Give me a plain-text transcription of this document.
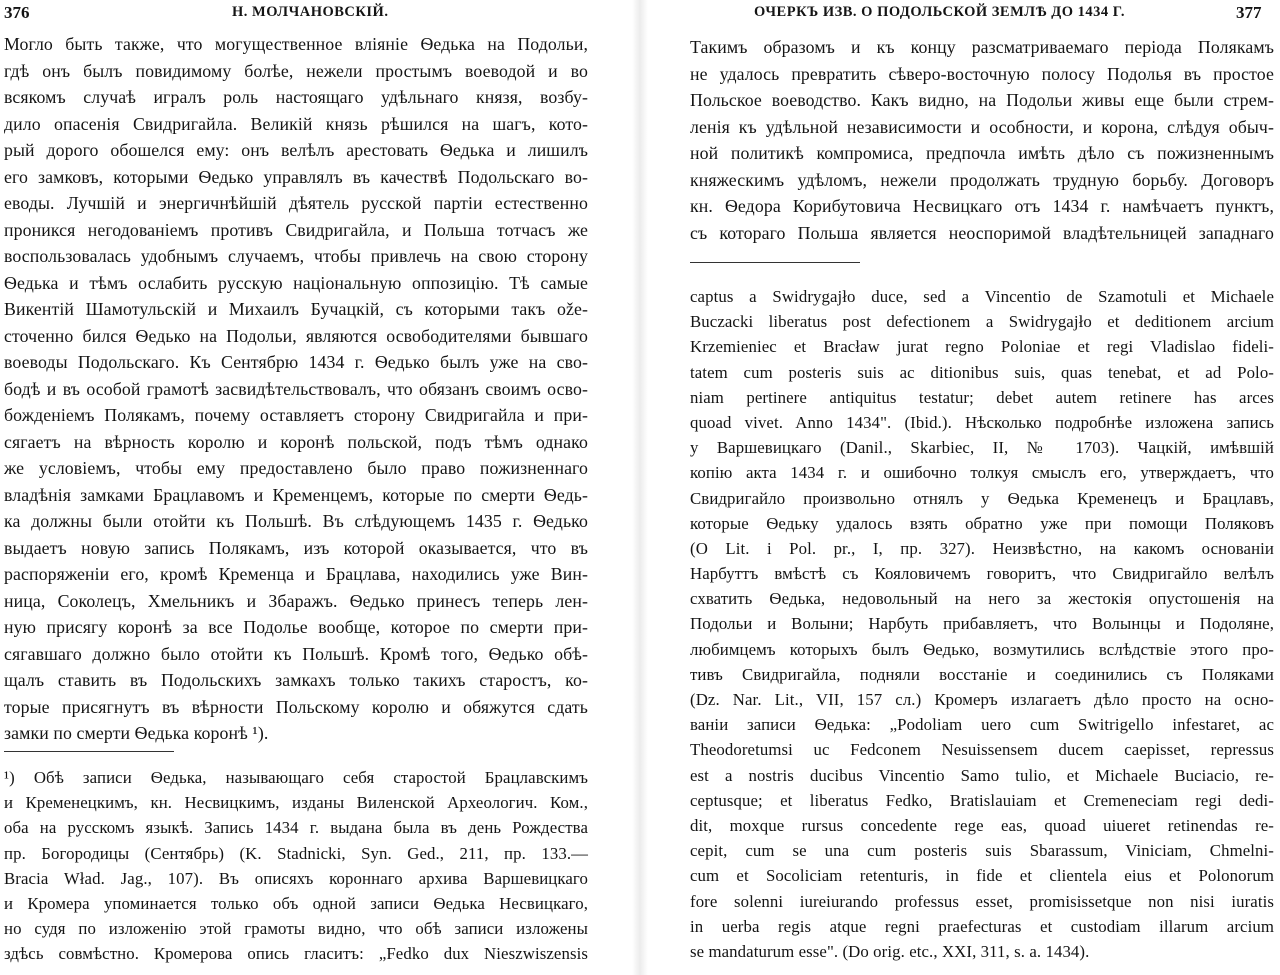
376	Н. МОЛЧАНОВСКІЙ.
Могло быть также, что могущественное вліяніе Ѳедька на Подольи,
гдѣ онъ былъ повидимому болѣе, нежели простымъ воеводой и во
всякомъ случаѣ игралъ роль настоящаго удѣльнаго князя, возбу-
дило опасенія Свидригайла. Великій князь рѣшился на шагъ, кото-
рый дорого обошелся ему: онъ велѣлъ арестовать Ѳедька и лишилъ
его замковъ, которыми Ѳедько управлялъ въ качествѣ Подольскаго во-
еводы. Лучшій и энергичнѣйшій дѣятель русской партіи естественно
проникся негодованіемъ противъ Свидригайла, и Польша тотчасъ же
воспользовалась удобнымъ случаемъ, чтобы привлечь на свою сторону
Ѳедька и тѣмъ ослабить русскую національную оппозицію. Тѣ самые
Викентій Шамотульскій и Михаилъ Бучацкій, съ которыми такъ ože-
сточенно бился Ѳедько на Подольи, являются освободителями бывшаго
воеводы Подольскаго. Къ Сентябрю 1434 г. Ѳедько былъ уже на сво-
бодѣ и въ особой грамотѣ засвидѣтельствовалъ, что обязанъ своимъ осво-
божденіемъ Полякамъ, почему оставляетъ сторону Свидригайла и при-
сягаетъ на вѣрность королю и коронѣ польской, подъ тѣмъ однако
же условіемъ, чтобы ему предоставлено было право пожизненнаго
владѣнія замками Брацлавомъ и Кременцемъ, которые по смерти Ѳедь-
ка должны были отойти къ Польшѣ. Въ слѣдующемъ 1435 г. Ѳедько
выдаетъ новую запись Полякамъ, изъ которой оказывается, что въ
распоряженіи его, кромѣ Кременца и Брацлава, находились уже Вин-
ница, Соколецъ, Хмельникъ и Збаражъ. Ѳедько принесъ теперь лен-
ную присягу коронѣ за все Подолье вообще, которое по смерти при-
сягавшаго должно было отойти къ Польшѣ. Кромѣ того, Ѳедько обѣ-
щалъ ставить въ Подольскихъ замкахъ только такихъ старостъ, ко-
торые присягнутъ въ вѣрности Польскому королю и обяжутся сдать
замки по смерти Ѳедька коронѣ ¹).
¹) Обѣ записи Ѳедька, называющаго себя старостой Брацлавскимъ
и Кременецкимъ, кн. Несвицкимъ, изданы Виленской Археологич. Ком.,
оба на русскомъ языкѣ. Запись 1434 г. выдана была въ день Рождества
пр. Богородицы (Сентябрь) (K. Stadnicki, Syn. Ged., 211, пр. 133.—
Bracia Wład. Jag., 107). Въ описяхъ короннаго архива Варшевицкаго
и Кромера упоминается только объ одной записи Ѳедька Несвицкаго,
но судя по изложенію этой грамоты видно, что обѣ записи изложены
здѣсь совмѣстно. Кромерова опись гласитъ: „Fedko dux Nieszwiszensis
ОЧЕРКЪ ИЗВ. О ПОДОЛЬСКОЙ ЗЕМЛѢ ДО 1434 Г.	377
Такимъ образомъ и къ концу разсматриваемаго періода Полякамъ
не удалось превратить сѣверо-восточную полосу Подолья въ простое
Польское воеводство. Какъ видно, на Подольи живы еще были стрем-
ленія къ удѣльной независимости и особности, и корона, слѣдуя обыч-
ной политикѣ компромиса, предпочла имѣть дѣло съ пожизненнымъ
княжескимъ удѣломъ, нежели продолжать трудную борьбу. Договоръ
кн. Ѳедора Корибутовича Несвицкаго отъ 1434 г. намѣчаетъ пунктъ,
съ котораго Польша является неоспоримой владѣтельницей западнаго
captus a Swidrygajło duce, sed a Vincentio de Szamotuli et Michaele
Buczacki liberatus post defectionem a Swidrygajło et deditionem arcium
Krzemieniec et Bracław jurat regno Poloniae et regi Vladislao fideli-
tatem cum posteris suis ac ditionibus suis, quas tenebat, et ad Polo-
niam pertinere antiquitus testatur; debet autem retinere has arces
quoad vivet. Anno 1434". (Ibid.). Нѣсколько подробнѣе изложена запись
у Варшевицкаго (Danil., Skarbiec, II, № 1703). Чацкій, имѣвшій
копію акта 1434 г. и ошибочно толкуя смыслъ его, утверждаетъ, что
Свидригайло произвольно отнялъ у Ѳедька Кременецъ и Брацлавъ,
которые Ѳедьку удалось взять обратно уже при помощи Поляковъ
(O Lit. i Pol. pr., I, пр. 327). Неизвѣстно, на какомъ основаніи
Нарбуттъ вмѣстѣ съ Кояловичемъ говоритъ, что Свидригайло велѣлъ
схватить Ѳедька, недовольный на него за жестокія опустошенія на
Подольи и Волыни; Нарбуть прибавляетъ, что Волынцы и Подоляне,
любимцемъ которыхъ былъ Ѳедько, возмутились вслѣдствіе этого про-
тивъ Свидригайла, подняли восстаніе и соединились съ Поляками
(Dz. Nar. Lit., VII, 157 сл.) Кромеръ излагаетъ дѣло просто на осно-
ваніи записи Ѳедька: „Podoliam uero cum Switrigello infestaret, ac
Theodoretumsi uc Fedconem Nesuissensem ducem caepisset, repressus
est a nostris ducibus Vincentio Samo tulio, et Michaele Buciacio, re-
ceptusque; et liberatus Fedko, Bratislauiam et Cremeneciam regi dedi-
dit, moxque rursus concedente rege eas, quoad uiueret retinendas re-
cepit, cum se una cum posteris suis Sbarassum, Viniciam, Chmelni-
cum et Socoliciam retenturis, in fide et clientela eius et Polonorum
fore solenni iureiurando professus esset, promisissetque non nisi iuratis
in uerba regis atque regni praefecturas et custodiam illarum arcium
se mandaturum esse". (Do orig. etc., XXI, 311, s. a. 1434).
